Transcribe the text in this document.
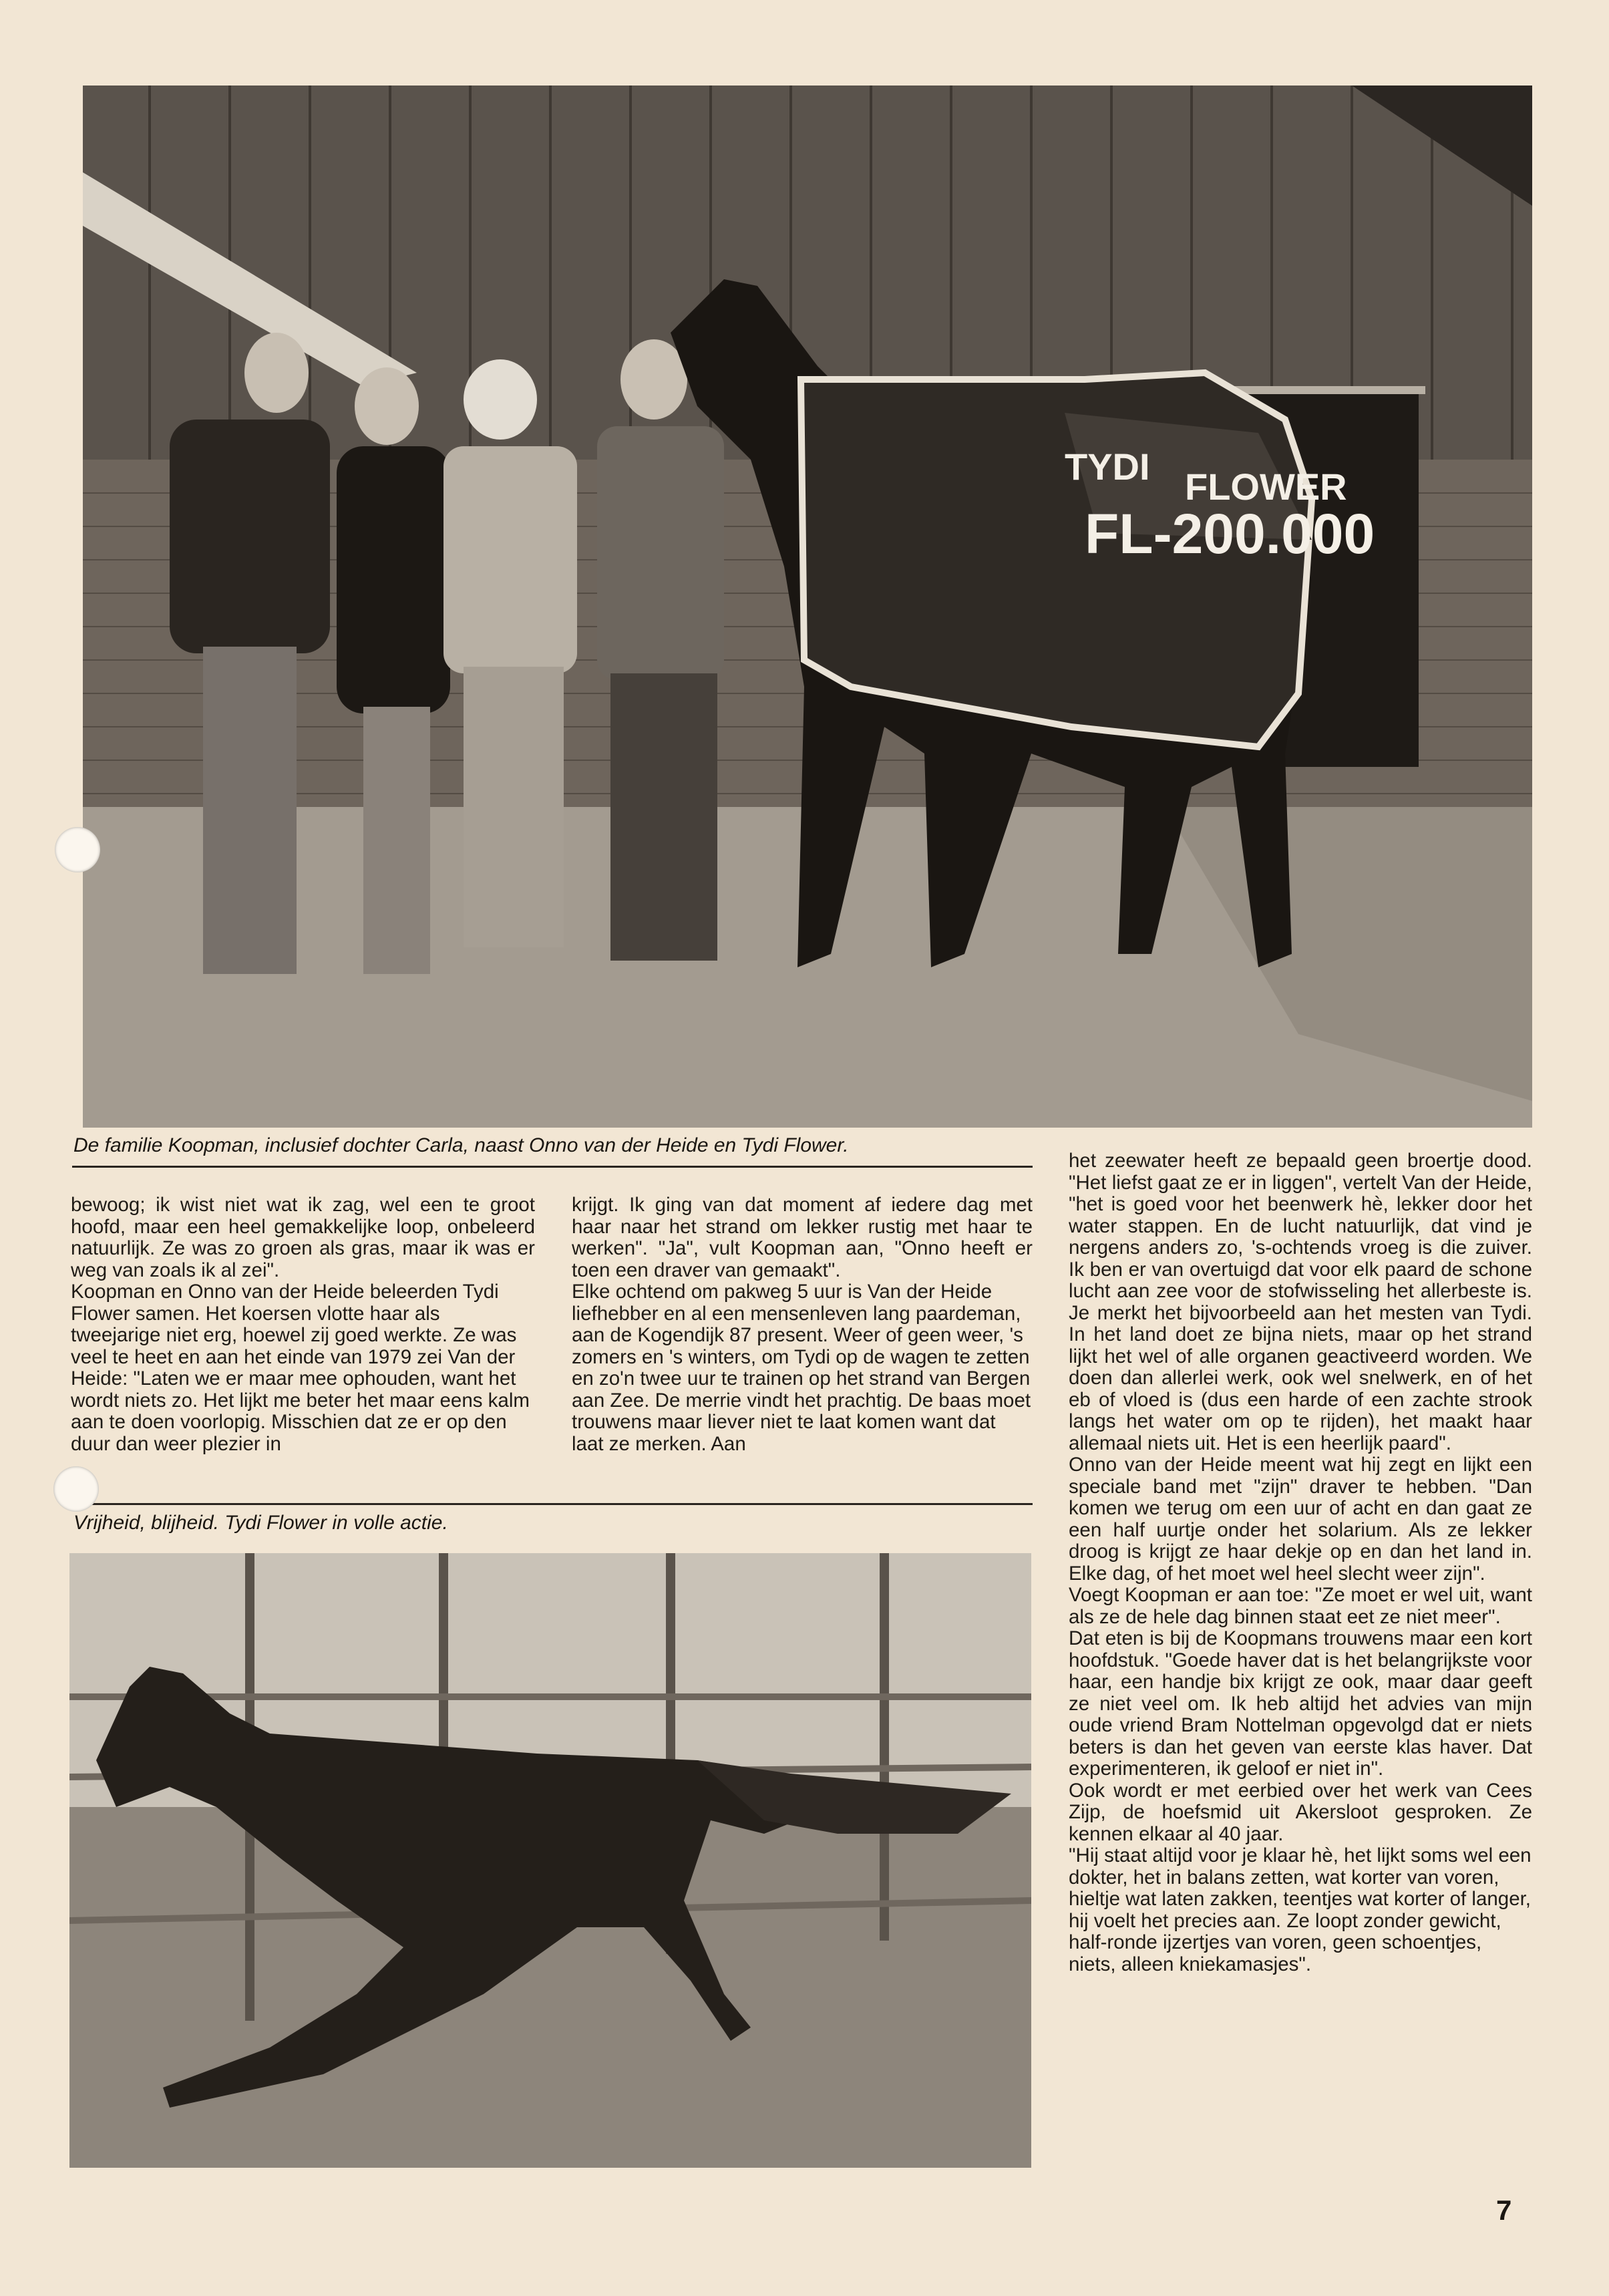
TYDI FLOWER
FL-200.000
De familie Koopman, inclusief dochter Carla, naast Onno van der Heide en Tydi Flower.

bewoog; ik wist niet wat ik zag, wel een te groot hoofd, maar een heel gemakkelijke loop, onbeleerd natuurlijk. Ze was zo groen als gras, maar ik was er weg van zoals ik al zei".

Koopman en Onno van der Heide beleerden Tydi Flower samen. Het koersen vlotte haar als tweejarige niet erg, hoewel zij goed werkte. Ze was veel te heet en aan het einde van 1979 zei Van der Heide: "Laten we er maar mee ophouden, want het wordt niets zo. Het lijkt me beter het maar eens kalm aan te doen voorlopig. Misschien dat ze er op den duur dan weer plezier in

krijgt. Ik ging van dat moment af iedere dag met haar naar het strand om lekker rustig met haar te werken". "Ja", vult Koopman aan, "Onno heeft er toen een draver van gemaakt".

Elke ochtend om pakweg 5 uur is Van der Heide liefhebber en al een mensenleven lang paardeman, aan de Kogendijk 87 present. Weer of geen weer, 's zomers en 's winters, om Tydi op de wagen te zetten en zo'n twee uur te trainen op het strand van Bergen aan Zee. De merrie vindt het prachtig. De baas moet trouwens maar liever niet te laat komen want dat laat ze merken. Aan

Vrijheid, blijheid. Tydi Flower in volle actie.

het zeewater heeft ze bepaald geen broertje dood. "Het liefst gaat ze er in liggen", vertelt Van der Heide, "het is goed voor het beenwerk hè, lekker door het water stappen. En de lucht natuurlijk, dat vind je nergens anders zo, 's-ochtends vroeg is die zuiver. Ik ben er van overtuigd dat voor elk paard de schone lucht aan zee voor de stofwisseling het allerbeste is. Je merkt het bijvoorbeeld aan het mesten van Tydi. In het land doet ze bijna niets, maar op het strand lijkt het wel of alle organen geactiveerd worden. We doen dan allerlei werk, ook wel snelwerk, en of het eb of vloed is (dus een harde of een zachte strook langs het water om op te rijden), het maakt haar allemaal niets uit. Het is een heerlijk paard".

Onno van der Heide meent wat hij zegt en lijkt een speciale band met "zijn" draver te hebben. "Dan komen we terug om een uur of acht en dan gaat ze een half uurtje onder het solarium. Als ze lekker droog is krijgt ze haar dekje op en dan het land in. Elke dag, of het moet wel heel slecht weer zijn".

Voegt Koopman er aan toe: "Ze moet er wel uit, want als ze de hele dag binnen staat eet ze niet meer".

Dat eten is bij de Koopmans trouwens maar een kort hoofdstuk. "Goede haver dat is het belangrijkste voor haar, een handje bix krijgt ze ook, maar daar geeft ze niet veel om. Ik heb altijd het advies van mijn oude vriend Bram Nottelman opgevolgd dat er niets beters is dan het geven van eerste klas haver. Dat experimenteren, ik geloof er niet in".

Ook wordt er met eerbied over het werk van Cees Zijp, de hoefsmid uit Akersloot gesproken. Ze kennen elkaar al 40 jaar.

"Hij staat altijd voor je klaar hè, het lijkt soms wel een dokter, het in balans zetten, wat korter van voren, hieltje wat laten zakken, teentjes wat korter of langer, hij voelt het precies aan. Ze loopt zonder gewicht, half-ronde ijzertjes van voren, geen schoentjes, niets, alleen kniekamasjes".

7
